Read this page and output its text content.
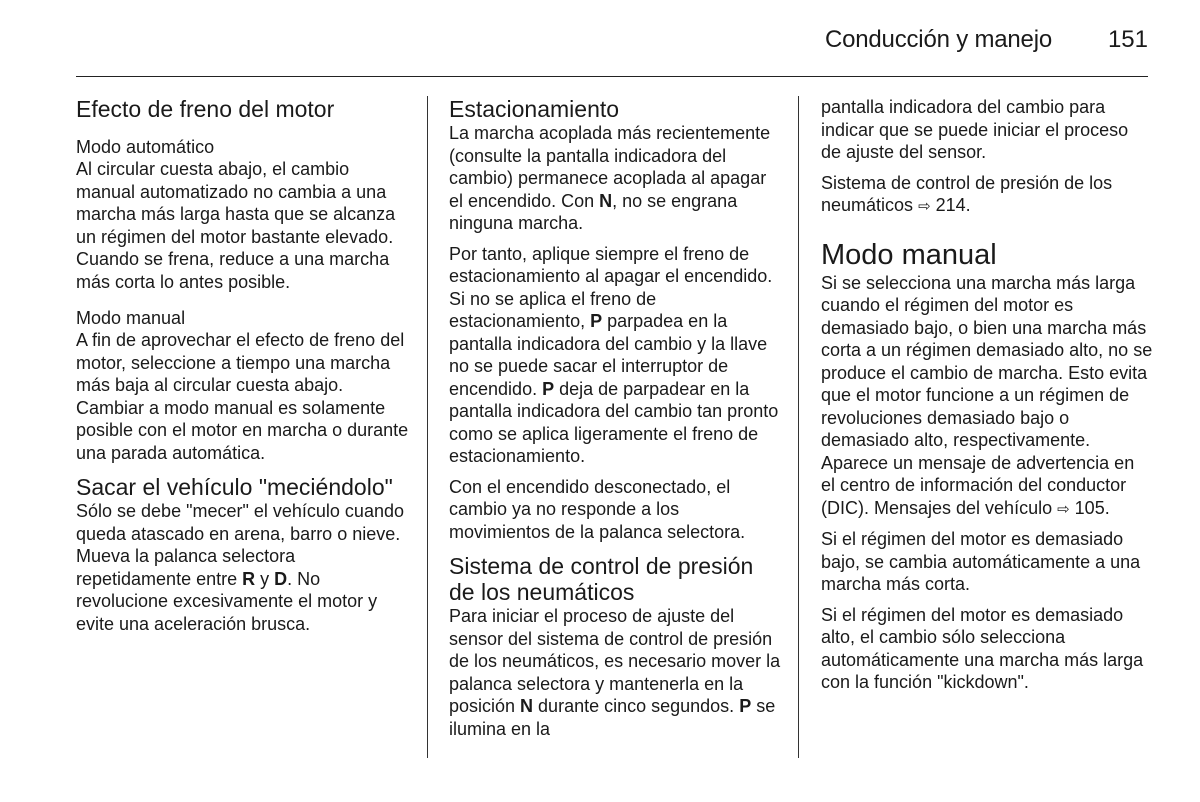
Conducción y manejo 151
Efecto de freno del motor
Modo automático

Al circular cuesta abajo, el cambio manual automatizado no cambia a una marcha más larga hasta que se alcanza un régimen del motor bastante elevado. Cuando se frena, reduce a una marcha más corta lo antes posible.

Modo manual

A fin de aprovechar el efecto de freno del motor, seleccione a tiempo una marcha más baja al circular cuesta abajo. Cambiar a modo manual es solamente posible con el motor en marcha o durante una parada automática.

Sacar el vehículo "meciéndolo"

Sólo se debe "mecer" el vehículo cuando queda atascado en arena, barro o nieve. Mueva la palanca selectora repetidamente entre R y D. No revolucione excesivamente el motor y evite una aceleración brusca.

Estacionamiento

La marcha acoplada más recientemente (consulte la pantalla indicadora del cambio) permanece acoplada al apagar el encendido. Con N, no se engrana ninguna marcha.

Por tanto, aplique siempre el freno de estacionamiento al apagar el encendido. Si no se aplica el freno de estacionamiento, P parpadea en la pantalla indicadora del cambio y la llave no se puede sacar el interruptor de encendido. P deja de parpadear en la pantalla indicadora del cambio tan pronto como se aplica ligeramente el freno de estacionamiento.

Con el encendido desconectado, el cambio ya no responde a los movimientos de la palanca selectora.

Sistema de control de presión de los neumáticos

Para iniciar el proceso de ajuste del sensor del sistema de control de presión de los neumáticos, es necesario mover la palanca selectora y mantenerla en la posición N durante cinco segundos. P se ilumina en la

pantalla indicadora del cambio para indicar que se puede iniciar el proceso de ajuste del sensor.

Sistema de control de presión de los neumáticos ⇨ 214.

Modo manual

Si se selecciona una marcha más larga cuando el régimen del motor es demasiado bajo, o bien una marcha más corta a un régimen demasiado alto, no se produce el cambio de marcha. Esto evita que el motor funcione a un régimen de revoluciones demasiado bajo o demasiado alto, respectivamente. Aparece un mensaje de advertencia en el centro de información del conductor (DIC). Mensajes del vehículo ⇨ 105.

Si el régimen del motor es demasiado bajo, se cambia automáticamente a una marcha más corta.

Si el régimen del motor es demasiado alto, el cambio sólo selecciona automáticamente una marcha más larga con la función "kickdown".
